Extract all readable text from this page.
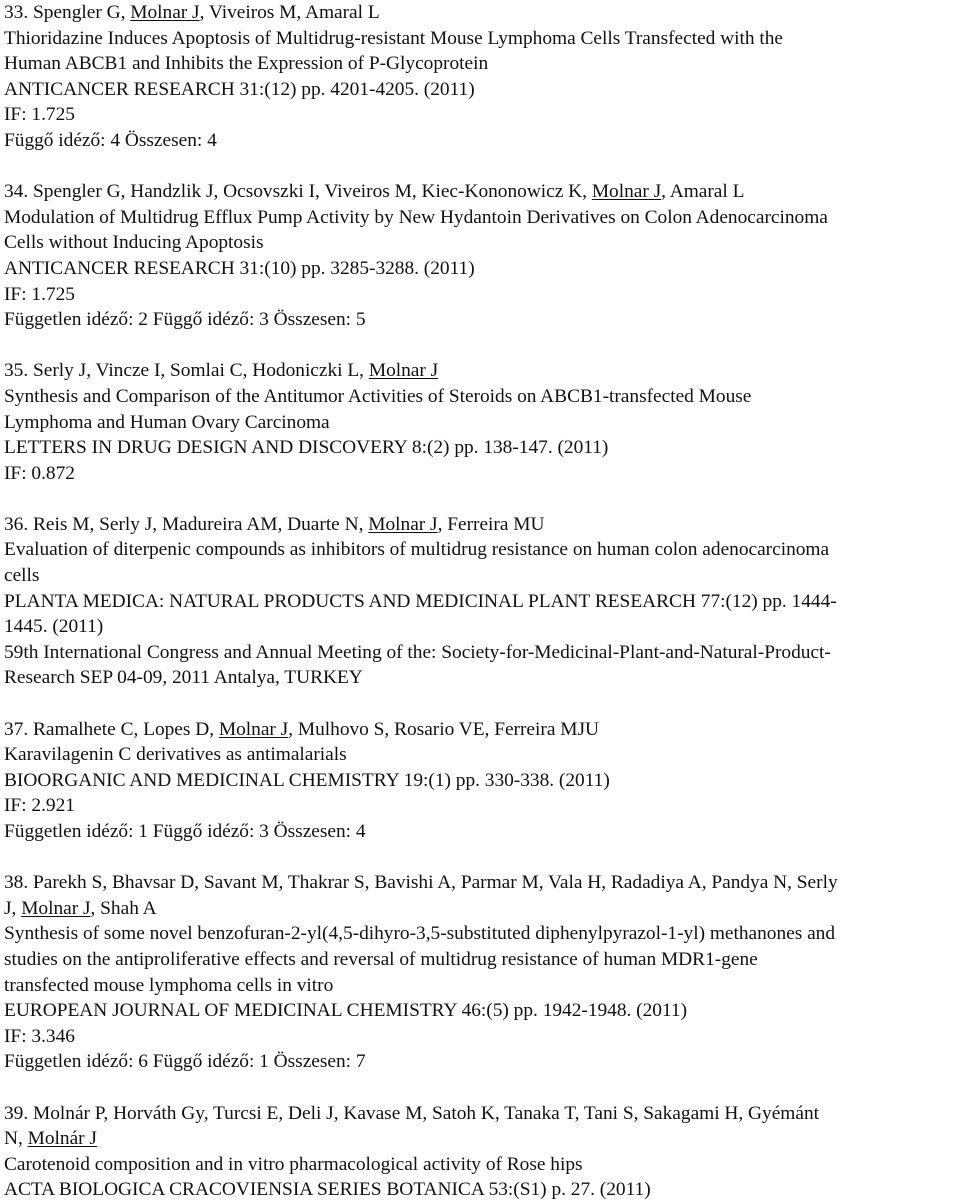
33. Spengler G, Molnar J, Viveiros M, Amaral L
Thioridazine Induces Apoptosis of Multidrug-resistant Mouse Lymphoma Cells Transfected with the
Human ABCB1 and Inhibits the Expression of P-Glycoprotein
ANTICANCER RESEARCH 31:(12) pp. 4201-4205. (2011)
IF: 1.725
Függő idéző: 4 Összesen: 4
34. Spengler G, Handzlik J, Ocsovszki I, Viveiros M, Kiec-Kononowicz K, Molnar J, Amaral L
Modulation of Multidrug Efflux Pump Activity by New Hydantoin Derivatives on Colon Adenocarcinoma
Cells without Inducing Apoptosis
ANTICANCER RESEARCH 31:(10) pp. 3285-3288. (2011)
IF: 1.725
Független idéző: 2 Függő idéző: 3 Összesen: 5
35. Serly J, Vincze I, Somlai C, Hodoniczki L, Molnar J
Synthesis and Comparison of the Antitumor Activities of Steroids on ABCB1-transfected Mouse
Lymphoma and Human Ovary Carcinoma
LETTERS IN DRUG DESIGN AND DISCOVERY 8:(2) pp. 138-147. (2011)
IF: 0.872
36. Reis M, Serly J, Madureira AM, Duarte N, Molnar J, Ferreira MU
Evaluation of diterpenic compounds as inhibitors of multidrug resistance on human colon adenocarcinoma
cells
PLANTA MEDICA: NATURAL PRODUCTS AND MEDICINAL PLANT RESEARCH 77:(12) pp. 1444-
1445. (2011)
59th International Congress and Annual Meeting of the: Society-for-Medicinal-Plant-and-Natural-Product-
Research SEP 04-09, 2011 Antalya, TURKEY
37. Ramalhete C, Lopes D, Molnar J, Mulhovo S, Rosario VE, Ferreira MJU
Karavilagenin C derivatives as antimalarials
BIOORGANIC AND MEDICINAL CHEMISTRY 19:(1) pp. 330-338. (2011)
IF: 2.921
Független idéző: 1 Függő idéző: 3 Összesen: 4
38. Parekh S, Bhavsar D, Savant M, Thakrar S, Bavishi A, Parmar M, Vala H, Radadiya A, Pandya N, Serly
J, Molnar J, Shah A
Synthesis of some novel benzofuran-2-yl(4,5-dihyro-3,5-substituted diphenylpyrazol-1-yl) methanones and
studies on the antiproliferative effects and reversal of multidrug resistance of human MDR1-gene
transfected mouse lymphoma cells in vitro
EUROPEAN JOURNAL OF MEDICINAL CHEMISTRY 46:(5) pp. 1942-1948. (2011)
IF: 3.346
Független idéző: 6 Függő idéző: 1 Összesen: 7
39. Molnár P, Horváth Gy, Turcsi E, Deli J, Kavase M, Satoh K, Tanaka T, Tani S, Sakagami H, Gyémánt
N, Molnár J
Carotenoid composition and in vitro pharmacological activity of Rose hips
ACTA BIOLOGICA CRACOVIENSIA SERIES BOTANICA 53:(S1) p. 27. (2011)
